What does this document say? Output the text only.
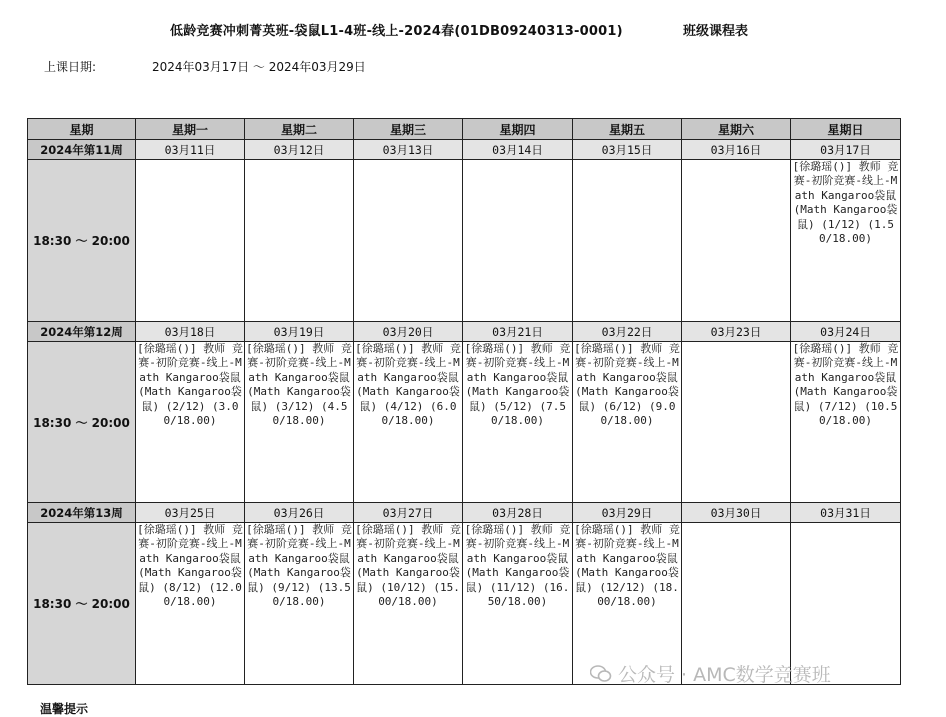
低龄竞赛冲刺菁英班-袋鼠L1-4班-线上-2024春(01DB09240313-0001)	班级课程表
上课日期:	2024年03月17日 ～ 2024年03月29日
星期	星期一	星期二	星期三	星期四	星期五	星期六	星期日
2024年第11周	03月11日	03月12日	03月13日	03月14日	03月15日	03月16日	03月17日
18:30 ～ 20:00							[徐璐瑶()] 教师 竞赛-初阶竞赛-线上-Math Kangaroo袋鼠 (Math Kangaroo袋鼠) (1/12) (1.50/18.00)
2024年第12周	03月18日	03月19日	03月20日	03月21日	03月22日	03月23日	03月24日
18:30 ～ 20:00	[徐璐瑶()] 教师 竞赛-初阶竞赛-线上-Math Kangaroo袋鼠 (Math Kangaroo袋鼠) (2/12) (3.00/18.00)	[徐璐瑶()] 教师 竞赛-初阶竞赛-线上-Math Kangaroo袋鼠 (Math Kangaroo袋鼠) (3/12) (4.50/18.00)	[徐璐瑶()] 教师 竞赛-初阶竞赛-线上-Math Kangaroo袋鼠 (Math Kangaroo袋鼠) (4/12) (6.00/18.00)	[徐璐瑶()] 教师 竞赛-初阶竞赛-线上-Math Kangaroo袋鼠 (Math Kangaroo袋鼠) (5/12) (7.50/18.00)	[徐璐瑶()] 教师 竞赛-初阶竞赛-线上-Math Kangaroo袋鼠 (Math Kangaroo袋鼠) (6/12) (9.00/18.00)		[徐璐瑶()] 教师 竞赛-初阶竞赛-线上-Math Kangaroo袋鼠 (Math Kangaroo袋鼠) (7/12) (10.50/18.00)
2024年第13周	03月25日	03月26日	03月27日	03月28日	03月29日	03月30日	03月31日
18:30 ～ 20:00	[徐璐瑶()] 教师 竞赛-初阶竞赛-线上-Math Kangaroo袋鼠 (Math Kangaroo袋鼠) (8/12) (12.00/18.00)	[徐璐瑶()] 教师 竞赛-初阶竞赛-线上-Math Kangaroo袋鼠 (Math Kangaroo袋鼠) (9/12) (13.50/18.00)	[徐璐瑶()] 教师 竞赛-初阶竞赛-线上-Math Kangaroo袋鼠 (Math Kangaroo袋鼠) (10/12) (15.00/18.00)	[徐璐瑶()] 教师 竞赛-初阶竞赛-线上-Math Kangaroo袋鼠 (Math Kangaroo袋鼠) (11/12) (16.50/18.00)	[徐璐瑶()] 教师 竞赛-初阶竞赛-线上-Math Kangaroo袋鼠 (Math Kangaroo袋鼠) (12/12) (18.00/18.00)		
公众号 · AMC数学竞赛班
温馨提示
